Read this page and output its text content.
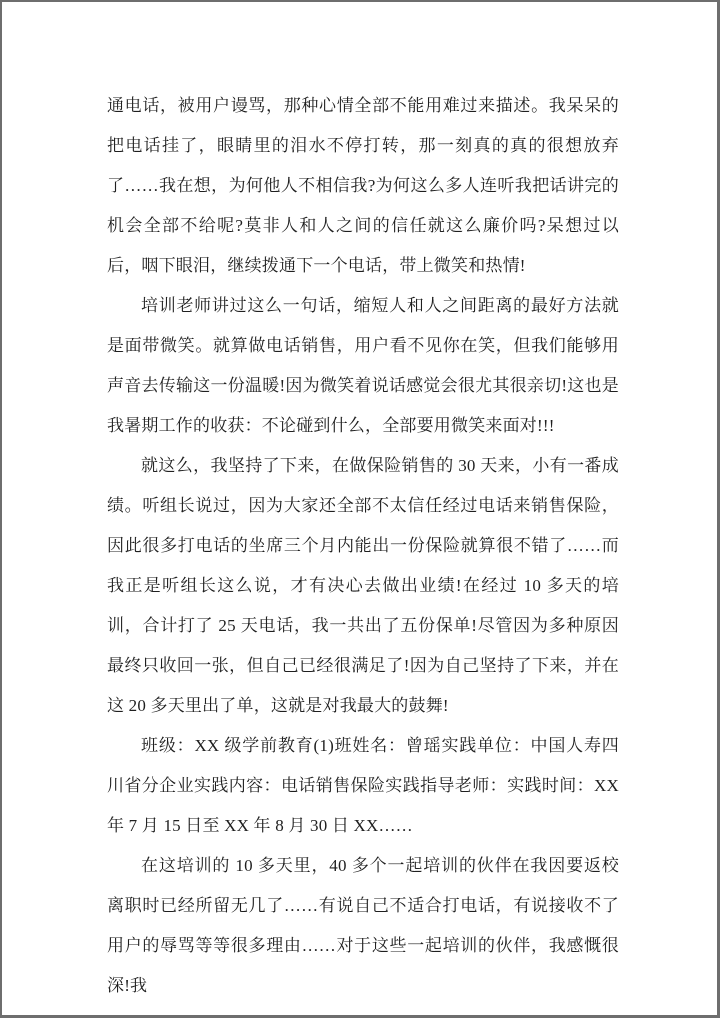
通电话，被用户谩骂，那种心情全部不能用难过来描述。我呆呆的把电话挂了，眼睛里的泪水不停打转，那一刻真的真的很想放弃了……我在想，为何他人不相信我?为何这么多人连听我把话讲完的机会全部不给呢?莫非人和人之间的信任就这么廉价吗?呆想过以后，咽下眼泪，继续拨通下一个电话，带上微笑和热情!

培训老师讲过这么一句话，缩短人和人之间距离的最好方法就是面带微笑。就算做电话销售，用户看不见你在笑，但我们能够用声音去传输这一份温暖!因为微笑着说话感觉会很尤其很亲切!这也是我暑期工作的收获：不论碰到什么，全部要用微笑来面对!!!

就这么，我坚持了下来，在做保险销售的 30 天来，小有一番成绩。听组长说过，因为大家还全部不太信任经过电话来销售保险，因此很多打电话的坐席三个月内能出一份保险就算很不错了……而我正是听组长这么说，才有决心去做出业绩!在经过 10 多天的培训，合计打了 25 天电话，我一共出了五份保单!尽管因为多种原因最终只收回一张，但自己已经很满足了!因为自己坚持了下来，并在这 20 多天里出了单，这就是对我最大的鼓舞!

班级：XX 级学前教育(1)班姓名：曾瑶实践单位：中国人寿四川省分企业实践内容：电话销售保险实践指导老师：实践时间：XX 年 7 月 15 日至 XX 年 8 月 30 日 XX……

在这培训的 10 多天里，40 多个一起培训的伙伴在我因要返校离职时已经所留无几了……有说自己不适合打电话，有说接收不了用户的辱骂等等很多理由……对于这些一起培训的伙伴，我感慨很深!我
